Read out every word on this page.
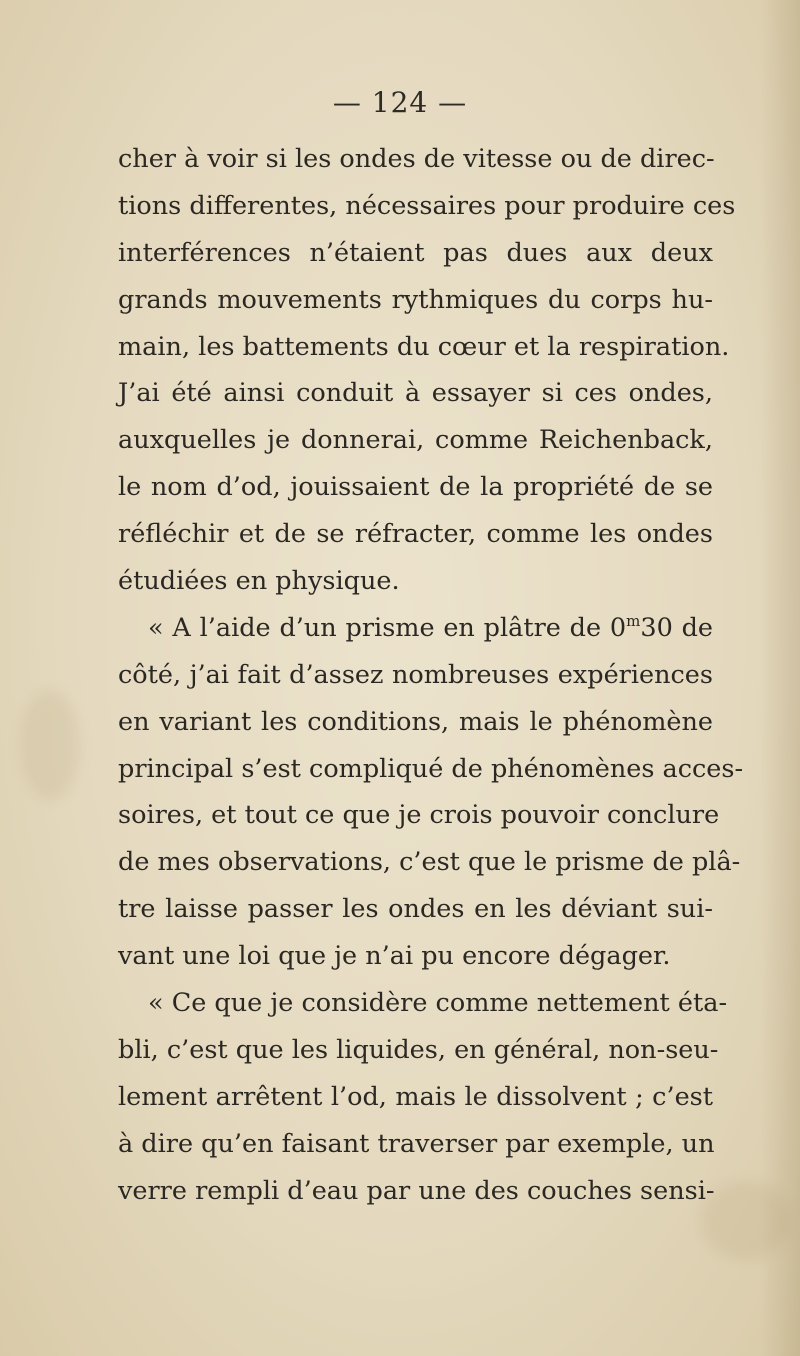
— 124 —
cher à voir si les ondes de vitesse ou de direc-
tions differentes, nécessaires pour produire ces
interférences n’étaient pas dues aux deux
grands mouvements rythmiques du corps hu-
main, les battements du cœur et la respiration.
J’ai été ainsi conduit à essayer si ces ondes,
auxquelles je donnerai, comme Reichenback,
le nom d’od, jouissaient de la propriété de se
réfléchir et de se réfracter, comme les ondes
étudiées en physique.
« A l’aide d’un prisme en plâtre de 0$^m$30 de
côté, j’ai fait d’assez nombreuses expériences
en variant les conditions, mais le phénomène
principal s’est compliqué de phénomènes acces-
soires, et tout ce que je crois pouvoir conclure
de mes observations, c’est que le prisme de plâ-
tre laisse passer les ondes en les déviant sui-
vant une loi que je n’ai pu encore dégager.
« Ce que je considère comme nettement éta-
bli, c’est que les liquides, en général, non-seu-
lement arrêtent l’od, mais le dissolvent ; c’est
à dire qu’en faisant traverser par exemple, un
verre rempli d’eau par une des couches sensi-
